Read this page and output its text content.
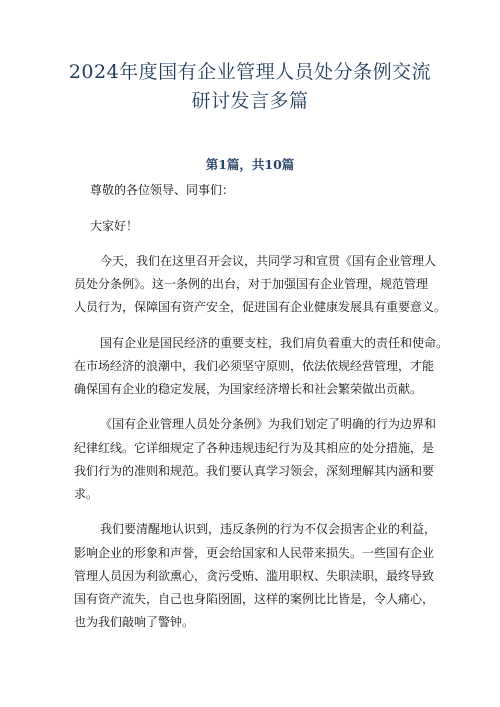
2024年度国有企业管理人员处分条例交流
研讨发言多篇
第1篇，共10篇
尊敬的各位领导、同事们：
大家好！
今天，我们在这里召开会议，共同学习和宣贯《国有企业管理人
员处分条例》。这一条例的出台，对于加强国有企业管理，规范管理
人员行为，保障国有资产安全，促进国有企业健康发展具有重要意义。
国有企业是国民经济的重要支柱，我们肩负着重大的责任和使命。
在市场经济的浪潮中，我们必须坚守原则，依法依规经营管理，才能
确保国有企业的稳定发展，为国家经济增长和社会繁荣做出贡献。
《国有企业管理人员处分条例》为我们划定了明确的行为边界和
纪律红线。它详细规定了各种违规违纪行为及其相应的处分措施，是
我们行为的准则和规范。我们要认真学习领会，深刻理解其内涵和要
求。
我们要清醒地认识到，违反条例的行为不仅会损害企业的利益，
影响企业的形象和声誉，更会给国家和人民带来损失。一些国有企业
管理人员因为利欲熏心，贪污受贿、滥用职权、失职渎职，最终导致
国有资产流失，自己也身陷囹圄，这样的案例比比皆是，令人痛心，
也为我们敲响了警钟。
